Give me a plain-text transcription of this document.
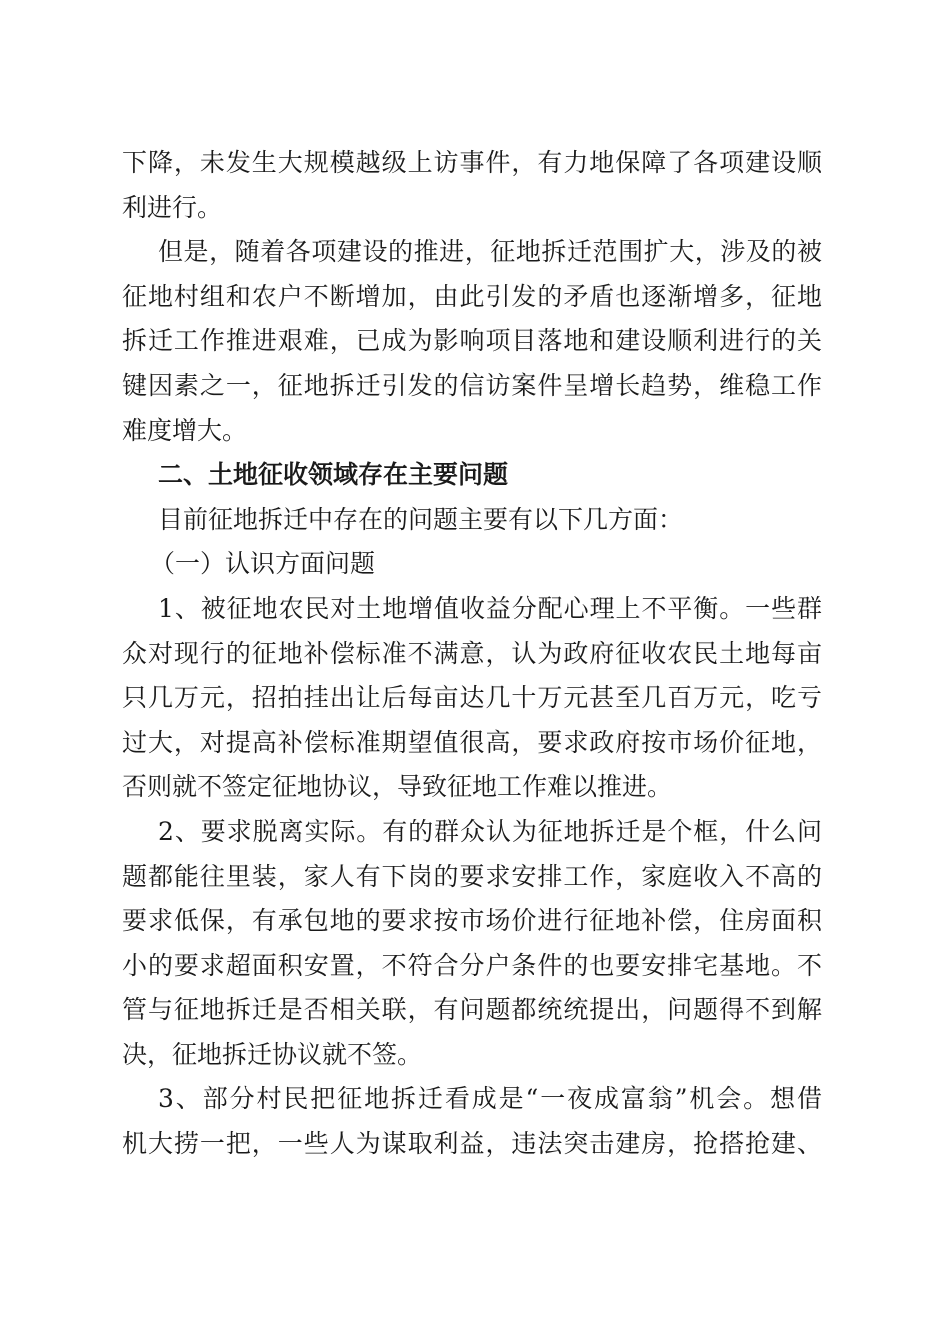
下降，未发生大规模越级上访事件，有力地保障了各项建设顺
利进行。
但是，随着各项建设的推进，征地拆迁范围扩大，涉及的被
征地村组和农户不断增加，由此引发的矛盾也逐渐增多，征地
拆迁工作推进艰难，已成为影响项目落地和建设顺利进行的关
键因素之一，征地拆迁引发的信访案件呈增长趋势，维稳工作
难度增大。
二、土地征收领域存在主要问题
目前征地拆迁中存在的问题主要有以下几方面：
（一）认识方面问题
1、被征地农民对土地增值收益分配心理上不平衡。一些群
众对现行的征地补偿标准不满意，认为政府征收农民土地每亩
只几万元，招拍挂出让后每亩达几十万元甚至几百万元，吃亏
过大，对提高补偿标准期望值很高，要求政府按市场价征地，
否则就不签定征地协议，导致征地工作难以推进。
2、要求脱离实际。有的群众认为征地拆迁是个框，什么问
题都能往里装，家人有下岗的要求安排工作，家庭收入不高的
要求低保，有承包地的要求按市场价进行征地补偿，住房面积
小的要求超面积安置，不符合分户条件的也要安排宅基地。不
管与征地拆迁是否相关联，有问题都统统提出，问题得不到解
决，征地拆迁协议就不签。
3、部分村民把征地拆迁看成是“一夜成富翁”机会。想借
机大捞一把，一些人为谋取利益，违法突击建房，抢搭抢建、
